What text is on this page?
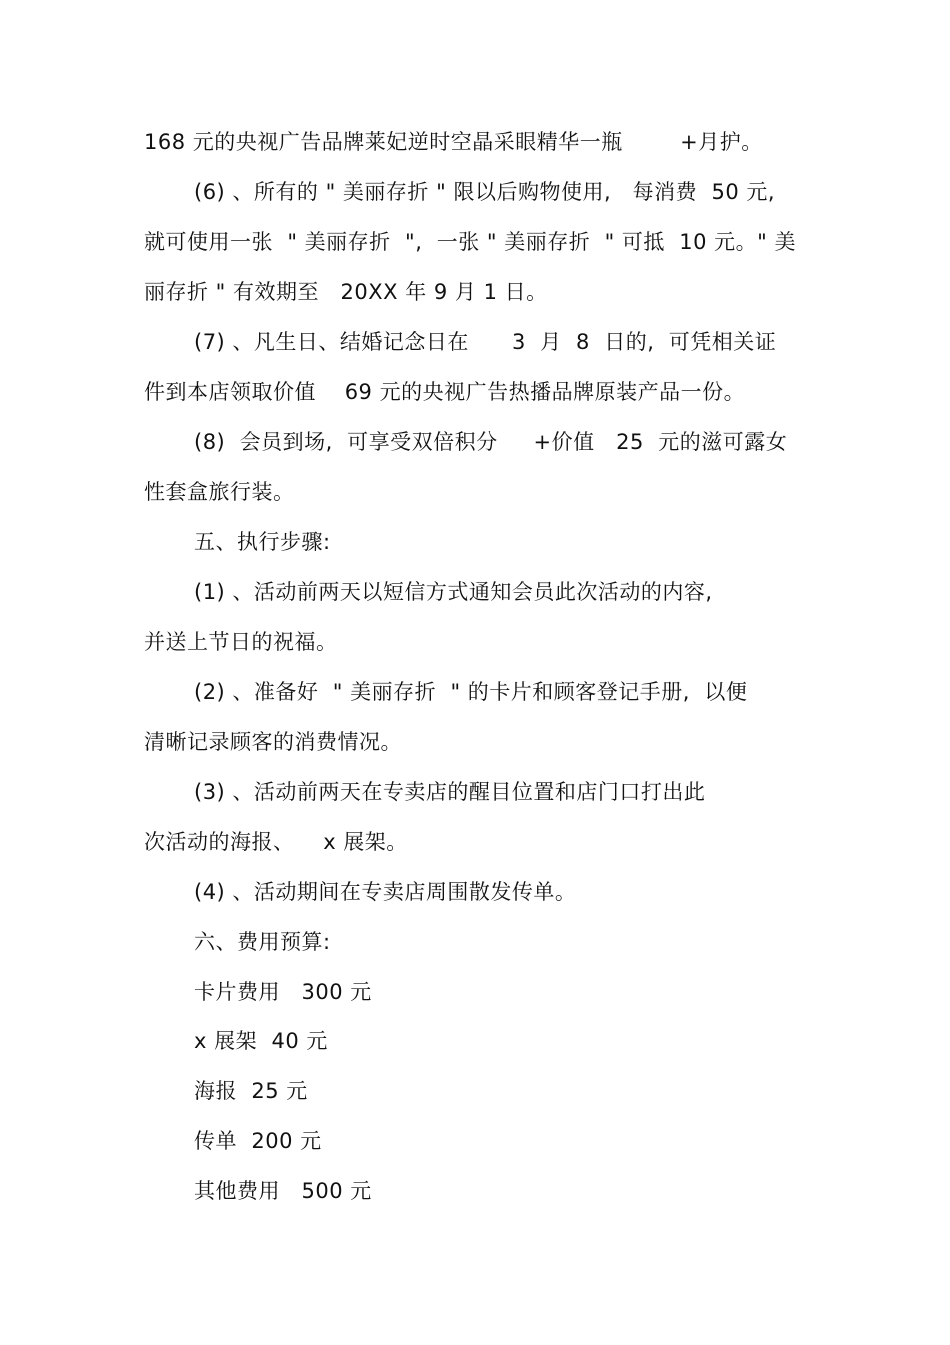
168 元的央视广告品牌莱妃逆时空晶采眼精华一瓶        +月护。
(6) 、所有的 " 美丽存折 " 限以后购物使用,   每消费  50 元,
就可使用一张  " 美丽存折  ",  一张 " 美丽存折  " 可抵  10 元。" 美
丽存折 " 有效期至   20XX 年 9 月 1 日。
(7) 、凡生日、结婚记念日在      3  月  8  日的,  可凭相关证
件到本店领取价值    69 元的央视广告热播品牌原装产品一份。
(8)  会员到场,  可享受双倍积分     +价值   25  元的滋可露女
性套盒旅行装。
五、执行步骤:
(1) 、活动前两天以短信方式通知会员此次活动的内容,
并送上节日的祝福。
(2) 、准备好  " 美丽存折  " 的卡片和顾客登记手册,  以便
清晰记录顾客的消费情况。
(3) 、活动前两天在专卖店的醒目位置和店门口打出此
次活动的海报、    x 展架。
(4) 、活动期间在专卖店周围散发传单。
六、费用预算:
卡片费用   300 元
x 展架  40 元
海报  25 元
传单  200 元
其他费用   500 元
